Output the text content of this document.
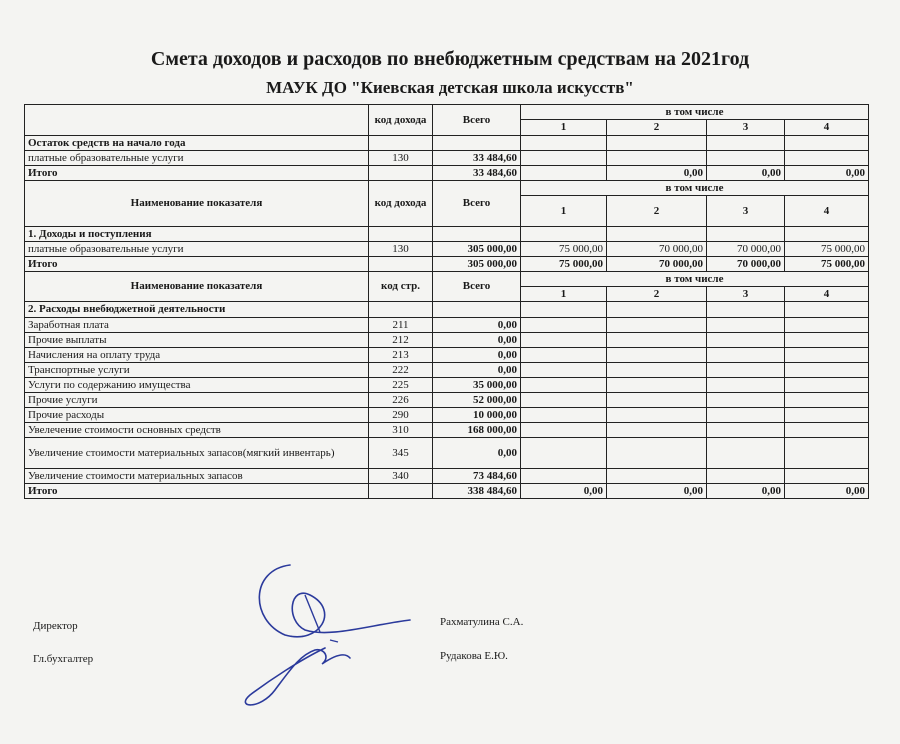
Смета доходов и расходов по внебюджетным средствам на 2021год
МАУК ДО "Киевская детская школа искусств"
	код дохода	Всего	в том числе			
			1	2	3	4
Остаток средств на начало года						
платные образовательные услуги	130	33 484,60				
Итого		33 484,60		0,00	0,00	0,00
Наименование показателя	код дохода	Всего	в том числе			
			1	2	3	4
1. Доходы и поступления						
платные образовательные услуги	130	305 000,00	75 000,00	70 000,00	70 000,00	75 000,00
Итого		305 000,00	75 000,00	70 000,00	70 000,00	75 000,00
Наименование показателя	код стр.	Всего	в том числе			
			1	2	3	4
2. Расходы внебюджетной деятельности						
Заработная плата	211	0,00				
Прочие выплаты	212	0,00				
Начисления на оплату труда	213	0,00				
Транспортные услуги	222	0,00				
Услуги по содержанию имущества	225	35 000,00				
Прочие услуги	226	52 000,00				
Прочие расходы	290	10 000,00				
Увелечение стоимости основных средств	310	168 000,00				
Увеличение стоимости материальных запасов(мягкий инвентарь)	345	0,00				
Увеличение стоимости материальных запасов	340	73 484,60				
Итого		338 484,60	0,00	0,00	0,00	0,00
Директор	Рахматулина С.А.
Гл.бухгалтер	Рудакова Е.Ю.
